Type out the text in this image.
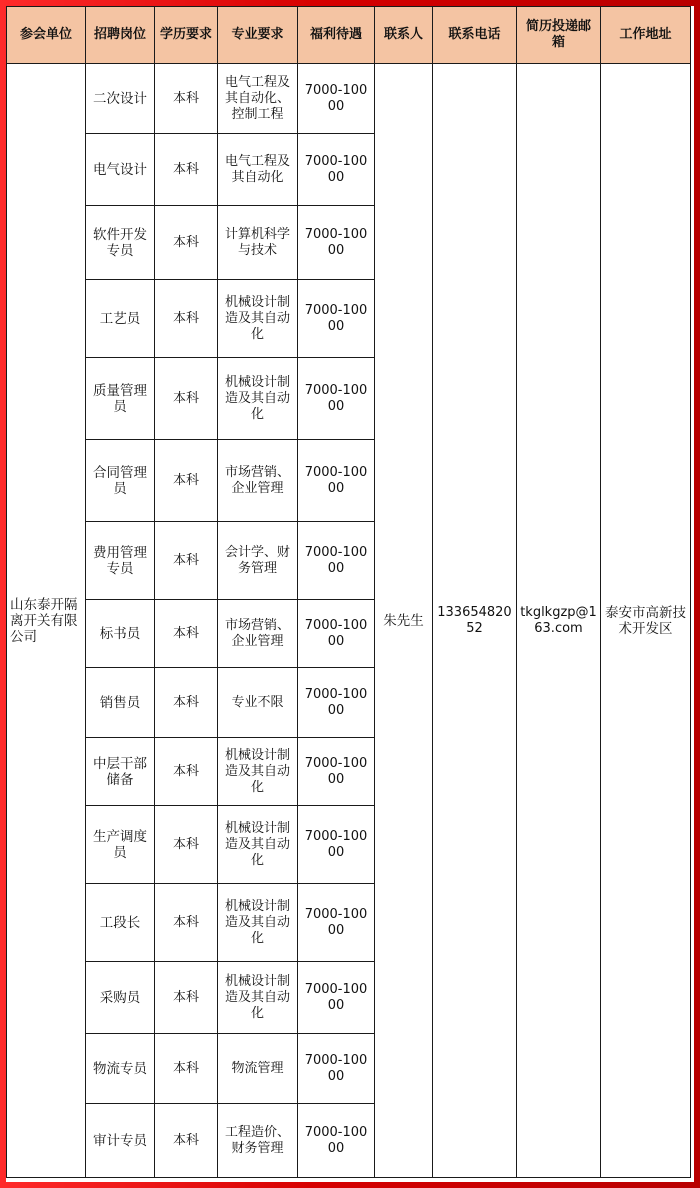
参会单位	招聘岗位	学历要求	专业要求	福利待遇	联系人	联系电话	简历投递邮箱	工作地址
山东泰开隔离开关有限公司	二次设计	本科	电气工程及其自动化、控制工程	7000-10000	朱先生	13365482052	tkglkgzp@163.com	泰安市高新技术开发区
	电气设计	本科	电气工程及其自动化	7000-10000				
	软件开发专员	本科	计算机科学与技术	7000-10000				
	工艺员	本科	机械设计制造及其自动化	7000-10000				
	质量管理员	本科	机械设计制造及其自动化	7000-10000				
	合同管理员	本科	市场营销、企业管理	7000-10000				
	费用管理专员	本科	会计学、财务管理	7000-10000				
	标书员	本科	市场营销、企业管理	7000-10000				
	销售员	本科	专业不限	7000-10000				
	中层干部储备	本科	机械设计制造及其自动化	7000-10000				
	生产调度员	本科	机械设计制造及其自动化	7000-10000				
	工段长	本科	机械设计制造及其自动化	7000-10000				
	采购员	本科	机械设计制造及其自动化	7000-10000				
	物流专员	本科	物流管理	7000-10000				
	审计专员	本科	工程造价、财务管理	7000-10000				
